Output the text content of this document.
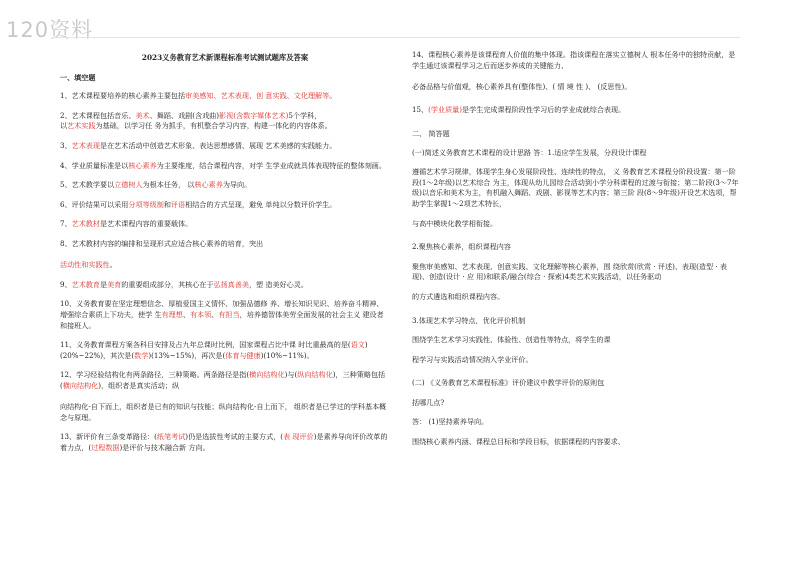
120资料
2023义务教育艺术新课程标准考试测试题库及答案
一、填空题

1、艺术课程要培养的核心素养主要包括审美感知、艺术表现、创 意实践、文化理解等。

2、艺术课程包括音乐、美术、舞蹈、戏剧(含戏曲)影视(含数字媒体艺术)5个学科，
以艺术实践为基础，以学习任 务为抓手，有机整合学习内容，构建一体化的内容体系。

3、艺术表现是在艺术活动中创造艺术形象、表达思想感情、展现 艺术美感的实践能力。

4、学业质量标准是以核心素养为主要维度，结合课程内容，对学 生学业成就具体表现特征的整体刻画。

5、艺术教学要以立德树人为根本任务， 以核心素养为导向。

6、评价结果可以采用分项等级制和评语相结合的方式呈现，避免 单纯以分数评价学生。

7、艺术教材是艺术课程内容的重要载体。

8、艺术教材内容的编排和呈现形式应适合核心素养的培育，突出

活动性和实践性。

9、艺术教育是美育的重要组成部分，其核心在于弘扬真善美，塑 造美好心灵。

10、义务教育要在坚定理想信念、厚植爱国主义情怀、加强品德修 养、增长知识见识、培养奋斗精神、增强综合素质上下功夫，使学 生有理想、有本领、有担当，培养德智体美劳全面发展的社会主义 建设者和接班人。

11、义务教育课程方案各科目安排及占九年总课时比例，国家课程占比中课 时比重最高的是(语文)(20%~22%)，其次是(数学)(13%~15%)，再次是(体育与健康)(10%~11%)。

12、学习经验结构化有两条路径，三种策略。两条路径是指(横向结构化)与(纵向结构化)，三种策略包括(横向结构化)，组织者是真实活动；纵

向结构化-自下而上，组织者是已有的知识与技能；纵向结构化-自上而下， 组织者是已学过的学科基本概念与原理。

13、新评价有三条变革路径：(纸笔考试)仍是选拔性考试的主要方式，(表 现评价)是素养导向评价改革的着力点，(过程数据)是评价与技术融合新 方向。

14、课程核心素养是该课程育人价值的集中体现。指该课程在落实立德树人 根本任务中的独特贡献，是学生通过该课程学习之后而逐步养成的关键能力、

必备品格与价值观，核心素养具有(整体性)、( 情 境 性 )、 (反思性)。

15、(学业质量)是学生完成课程阶段性学习后的学业成就综合表现。

二、 简答题

(一)简述义务教育艺术课程的设计思路 答：1.适应学生发展，分段设计课程

遵循艺术学习规律，体现学生身心发展阶段性、连续性的特点， 义 务教育艺术课程分阶段设置：第一阶段(1～2年级)以艺术综合 为主，体现从幼儿园综合活动到小学分科课程的过渡与衔接；第二阶段(3～7年级)以音乐和美术为主，有机融入舞蹈、戏剧、影视等艺术内容；第三阶 段(8～9年级)开设艺术选项，帮助学生掌握1～2项艺术特长，

与高中模块化教学相衔接。

2.聚焦核心素养，组织课程内容

聚焦审美感知、艺术表现、创意实践、文化理解等核心素养，围 绕欣赏(欣赏 · 评述)、表现(造型 · 表现)、创造(设计 · 应 用)和联系/融合(综合 · 探索)4类艺术实践活动，以任务驱动

的方式遴选和组织课程内容。

3.体现艺术学习特点，优化评价机制

围绕学生艺术学习实践性、体验性、创造性等特点，将学生的课

程学习与实践活动情况纳入学业评价。

(二) 《义务教育艺术课程标准》评价建议中教学评价的原则包

括哪几点?

答： (1)坚持素养导向。

围绕核心素养内涵、课程总目标和学段目标，依据课程的内容要求、
